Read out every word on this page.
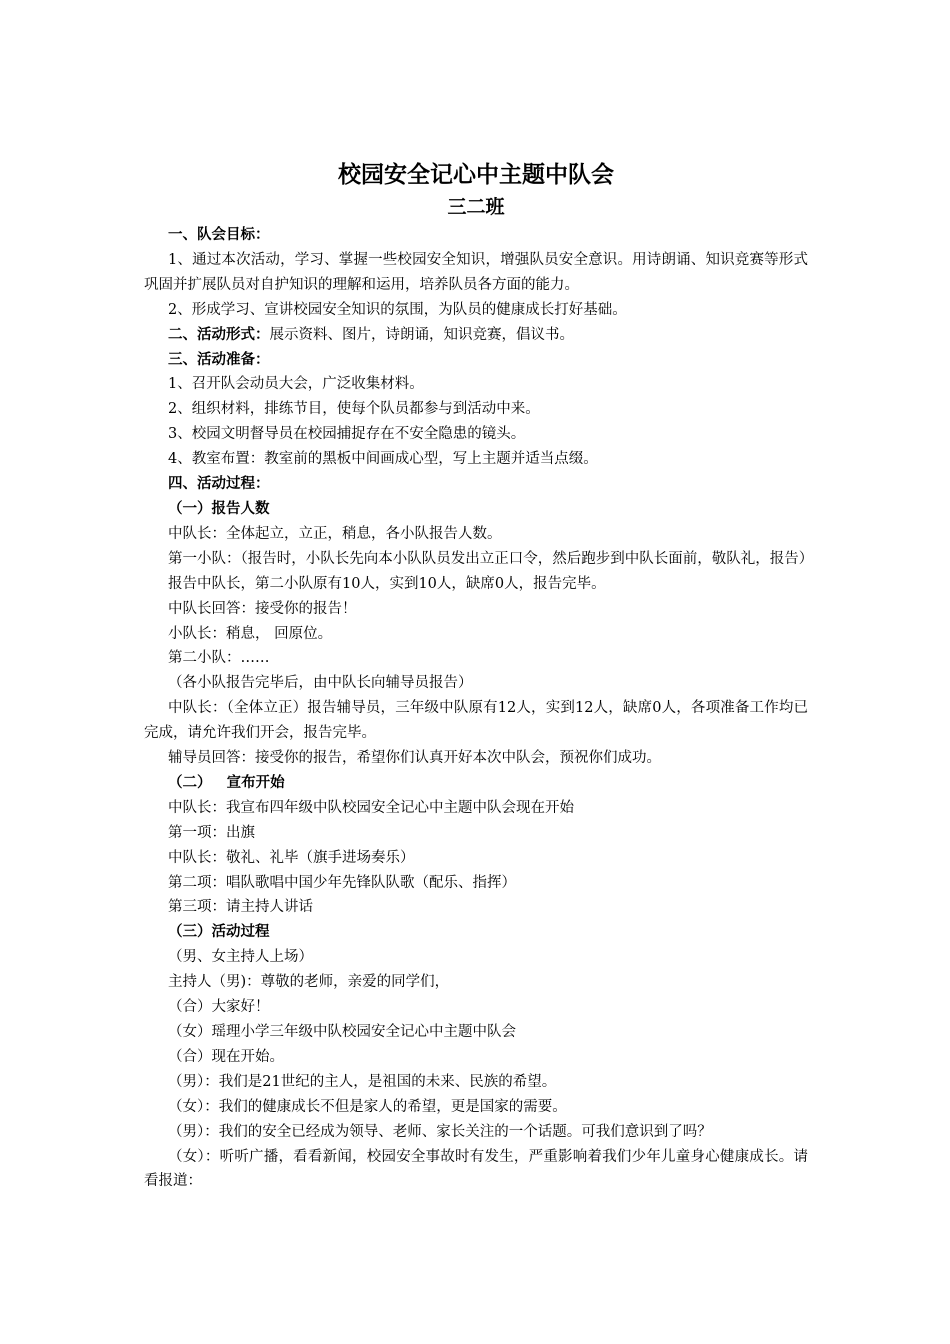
校园安全记心中主题中队会
三二班

一、队会目标：

1、通过本次活动，学习、掌握一些校园安全知识，增强队员安全意识。用诗朗诵、知识竞赛等形式巩固并扩展队员对自护知识的理解和运用，培养队员各方面的能力。

2、形成学习、宣讲校园安全知识的氛围，为队员的健康成长打好基础。

二、活动形式：展示资料、图片，诗朗诵，知识竞赛，倡议书。

三、活动准备：

1、召开队会动员大会，广泛收集材料。

2、组织材料，排练节目，使每个队员都参与到活动中来。

3、校园文明督导员在校园捕捉存在不安全隐患的镜头。

4、教室布置：教室前的黑板中间画成心型，写上主题并适当点缀。

四、活动过程：

（一）报告人数

中队长：全体起立，立正，稍息，各小队报告人数。

第一小队：（报告时，小队长先向本小队队员发出立正口令，然后跑步到中队长面前，敬队礼，报告）

报告中队长，第二小队原有10人，实到10人，缺席0人，报告完毕。

中队长回答：接受你的报告！

小队长：稍息， 回原位。

第二小队：……

（各小队报告完毕后，由中队长向辅导员报告）

中队长：（全体立正）报告辅导员，三年级中队原有12人，实到12人，缺席0人，各项准备工作均已完成，请允许我们开会，报告完毕。

辅导员回答：接受你的报告，希望你们认真开好本次中队会，预祝你们成功。

（二）   宣布开始

中队长：我宣布四年级中队校园安全记心中主题中队会现在开始

第一项：出旗

中队长：敬礼、礼毕（旗手进场奏乐）

第二项：唱队歌唱中国少年先锋队队歌（配乐、指挥）

第三项：请主持人讲话

（三）活动过程

（男、女主持人上场）

主持人（男)：尊敬的老师，亲爱的同学们，

（合）大家好！

（女）瑶理小学三年级中队校园安全记心中主题中队会

（合）现在开始。

（男）：我们是21世纪的主人，是祖国的未来、民族的希望。

（女）：我们的健康成长不但是家人的希望，更是国家的需要。

（男）：我们的安全已经成为领导、老师、家长关注的一个话题。可我们意识到了吗？

（女）：听听广播，看看新闻，校园安全事故时有发生，严重影响着我们少年儿童身心健康成长。请看报道：
